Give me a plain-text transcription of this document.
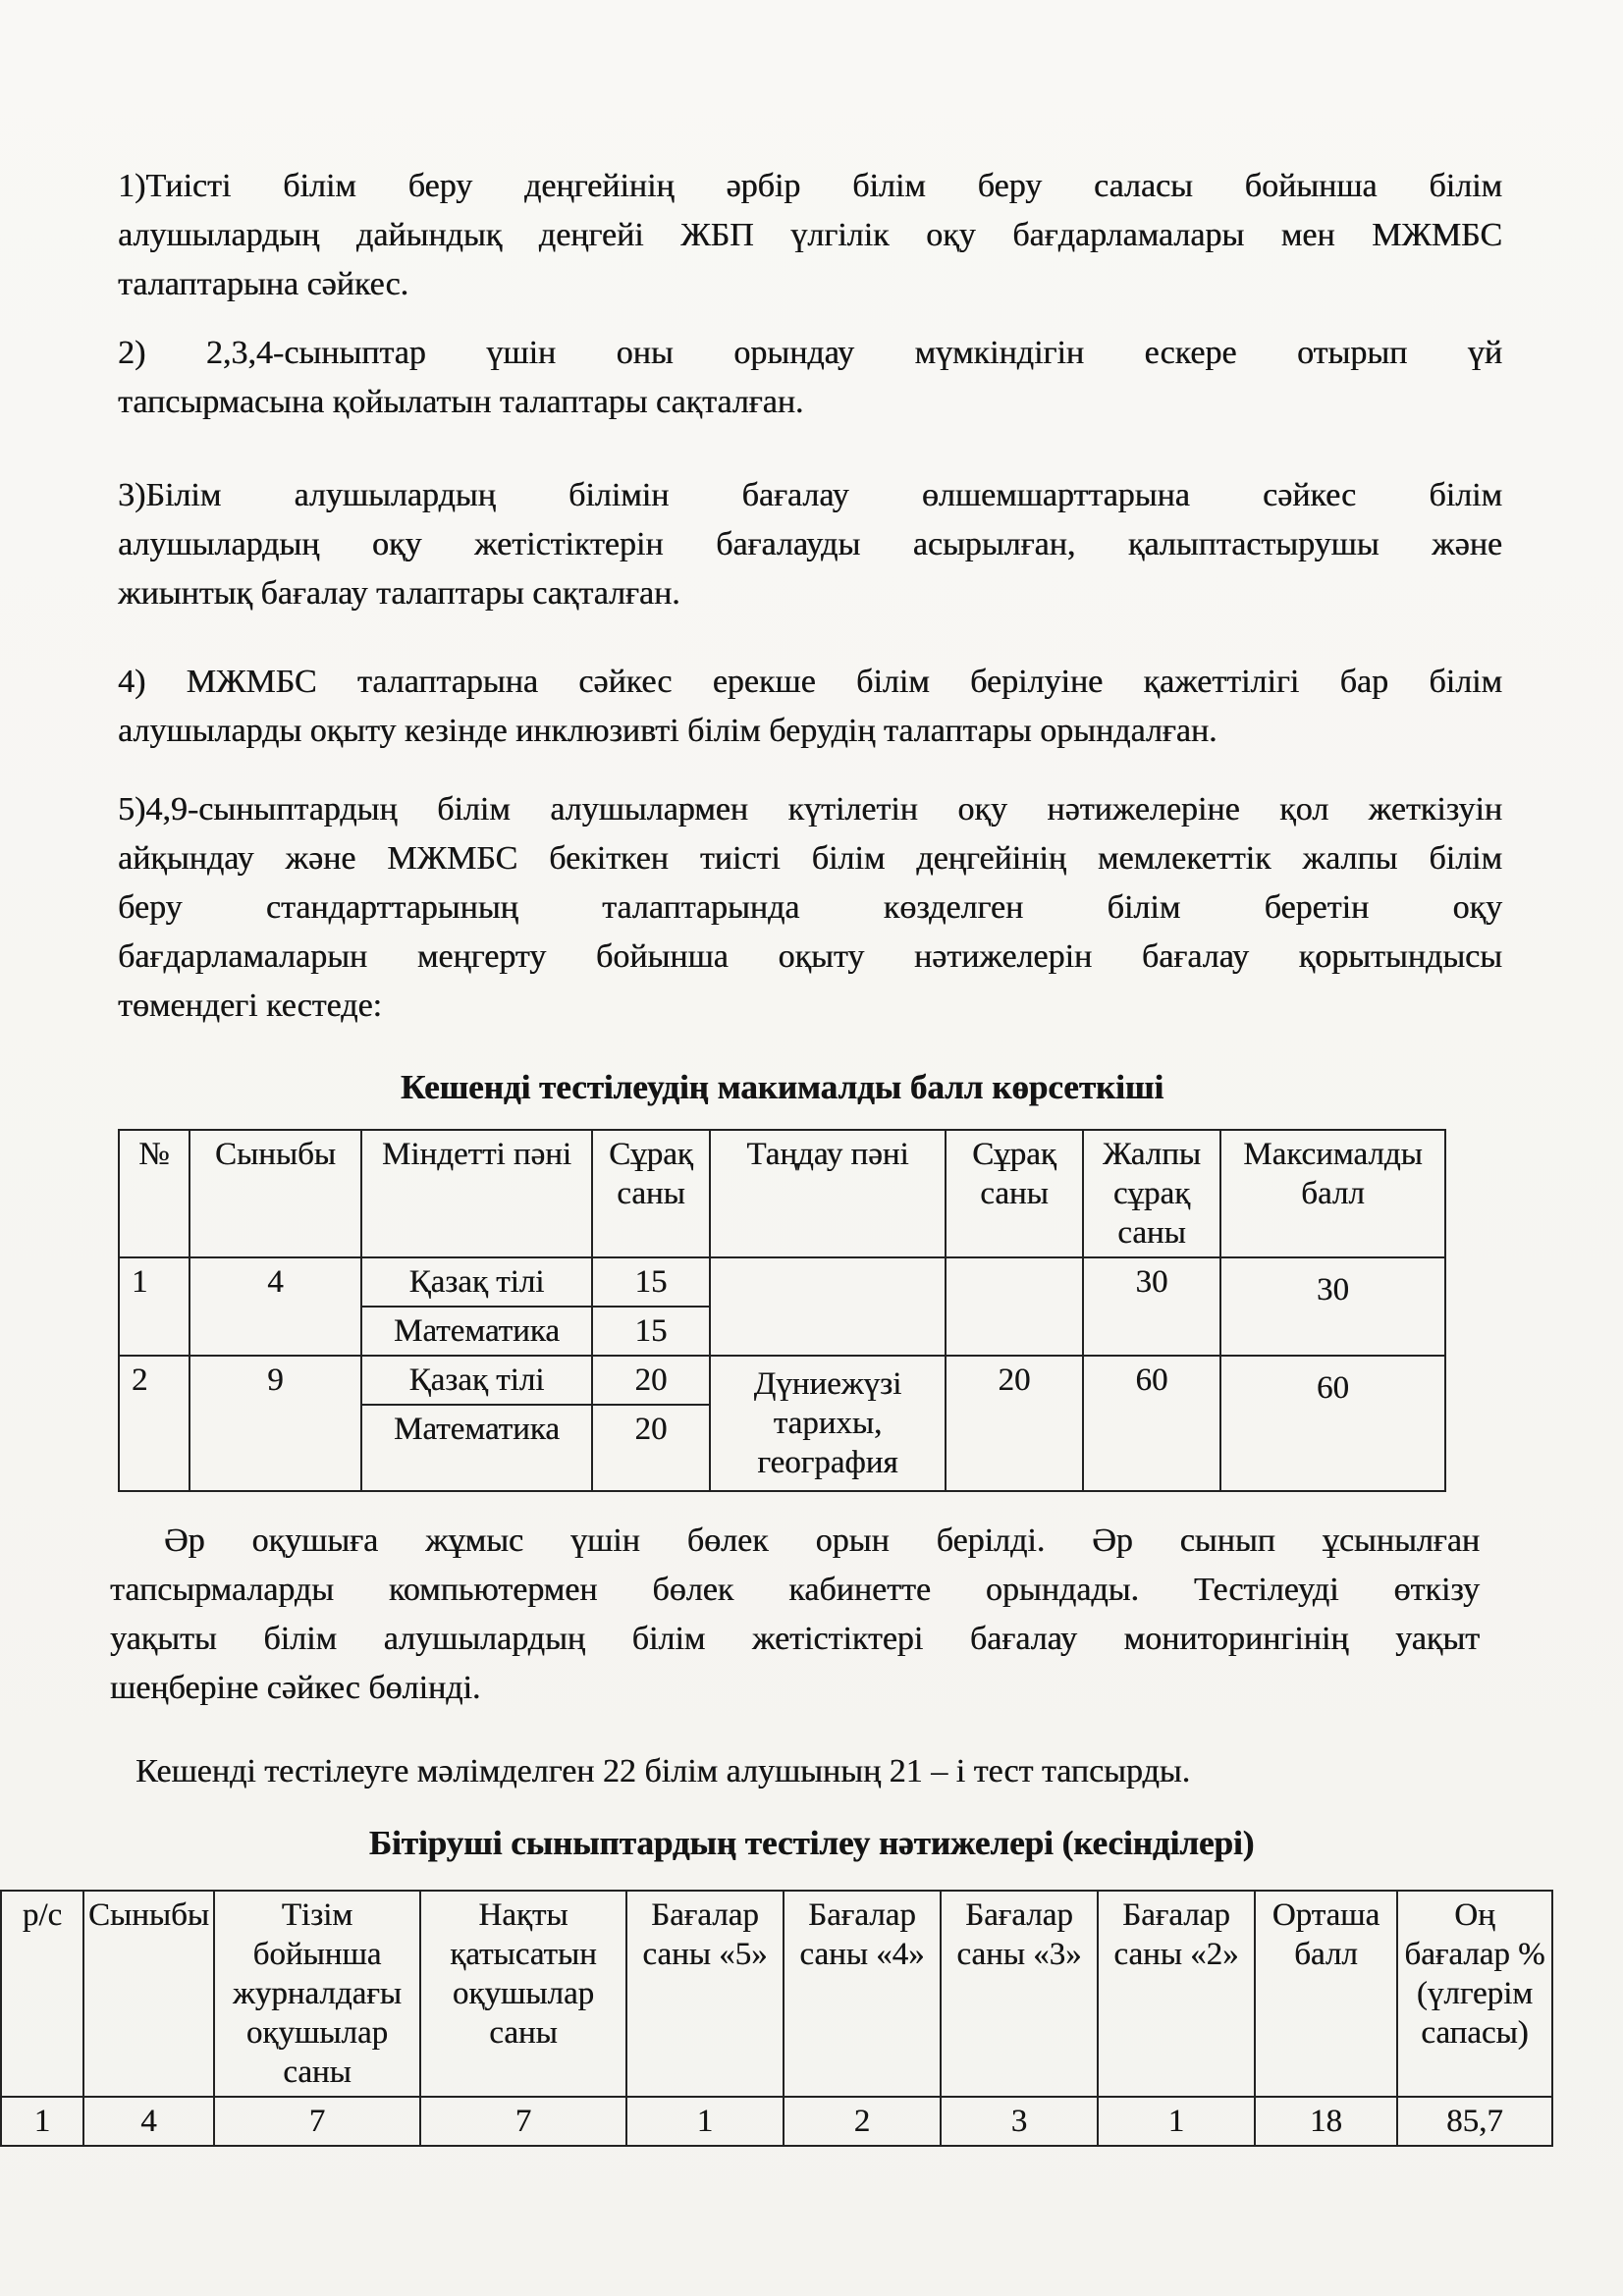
1)Тиісті білім беру деңгейінің әрбір білім беру саласы бойынша білім
алушылардың дайындық деңгейі ЖБП үлгілік оқу бағдарламалары мен МЖМБС
талаптарына сәйкес.
2) 2,3,4-сыныптар үшін оны орындау мүмкіндігін ескере отырып үй
тапсырмасына қойылатын талаптары сақталған.
3)Білім алушылардың білімін бағалау өлшемшарттарына сәйкес білім
алушылардың оқу жетістіктерін бағалауды асырылған, қалыптастырушы және
жиынтық бағалау талаптары сақталған.
4) МЖМБС талаптарына сәйкес ерекше білім берілуіне қажеттілігі бар білім
алушыларды оқыту кезінде инклюзивті білім берудің талаптары орындалған.
5)4,9-сыныптардың білім алушылармен күтілетін оқу нәтижелеріне қол жеткізуін
айқындау және МЖМБС бекіткен тиісті білім деңгейінің мемлекеттік жалпы білім
беру стандарттарының талаптарында көзделген білім беретін оқу
бағдарламаларын меңгерту бойынша оқыту нәтижелерін бағалау қорытындысы
төмендегі кестеде:
Кешенді тестілеудің макималды балл көрсеткіші
№	Сыныбы	Міндетті пәні	Сұрақ саны	Таңдау пәні	Сұрақ саны	Жалпы сұрақ саны	Максималды балл
1	4	Қазақ тілі	15			30	30
		Математика	15				
2	9	Қазақ тілі	20	Дүниежүзі тарихы, география	20	60	60
		Математика	20				
Әр оқушыға жұмыс үшін бөлек орын берілді. Әр сынып ұсынылған
тапсырмаларды компьютермен бөлек кабинетте орындады. Тестілеуді өткізу
уақыты білім алушылардың білім жетістіктері бағалау мониторингінің уақыт
шеңберіне сәйкес бөлінді.
Кешенді тестілеуге мәлімделген 22 білім алушының 21 – і тест тапсырды.
Бітіруші сыныптардың тестілеу нәтижелері (кесінділері)
р/с	Сыныбы	Тізім бойынша журналдағы оқушылар саны	Нақты қатысатын оқушылар саны	Бағалар саны «5»	Бағалар саны «4»	Бағалар саны «3»	Бағалар саны «2»	Орташа балл	Оң бағалар % (үлгерім сапасы)
1	4	7	7	1	2	3	1	18	85,7
